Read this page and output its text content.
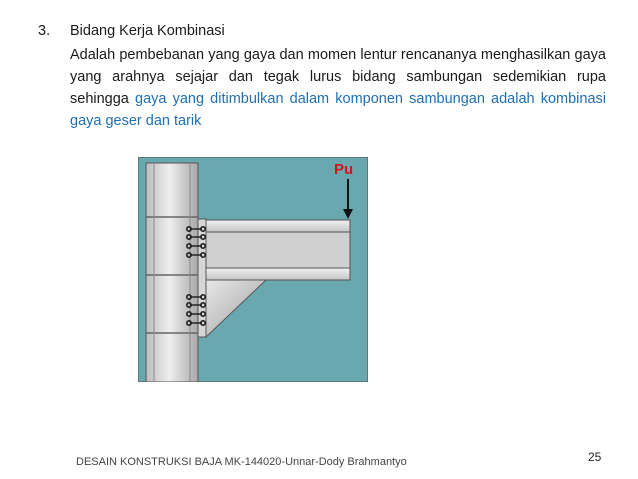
3. Bidang Kerja Kombinasi
Adalah pembebanan yang gaya dan momen lentur rencananya menghasilkan gaya yang arahnya sejajar dan tegak lurus bidang sambungan sedemikian rupa sehingga gaya yang ditimbulkan dalam komponen sambungan adalah kombinasi gaya geser dan tarik
Pu
DESAIN KONSTRUKSI BAJA MK-144020-Unnar-Dody Brahmantyo	25
